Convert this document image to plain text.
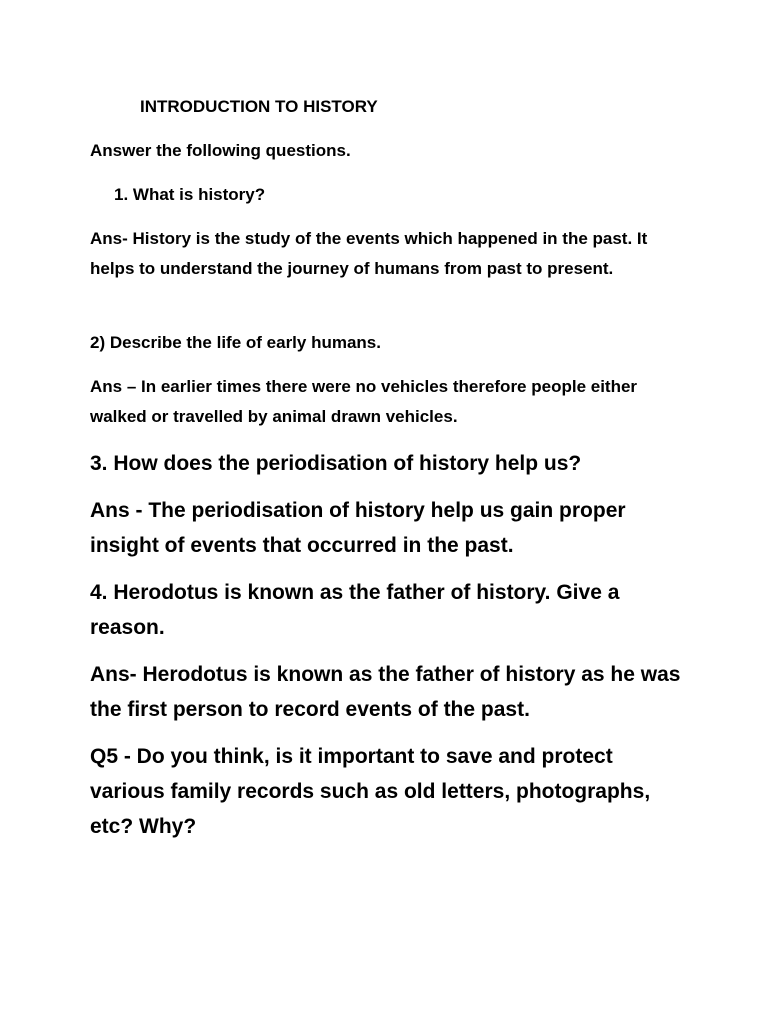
INTRODUCTION TO HISTORY

Answer the following questions.

1. What is history?

Ans- History is the study of the events which happened in the past. It helps to understand the journey of humans from past to present.

2) Describe the life of early humans.

Ans – In earlier times there were no vehicles therefore people either walked or travelled by animal drawn vehicles.

3. How does the periodisation of history help us?

Ans - The periodisation of history help us gain proper insight of events that occurred in the past.

4. Herodotus is known as the father of history. Give a reason.

Ans- Herodotus is known as the father of history as he was the first person to record events of the past.

Q5 - Do you think, is it important to save and protect various family records such as old letters, photographs, etc? Why?
